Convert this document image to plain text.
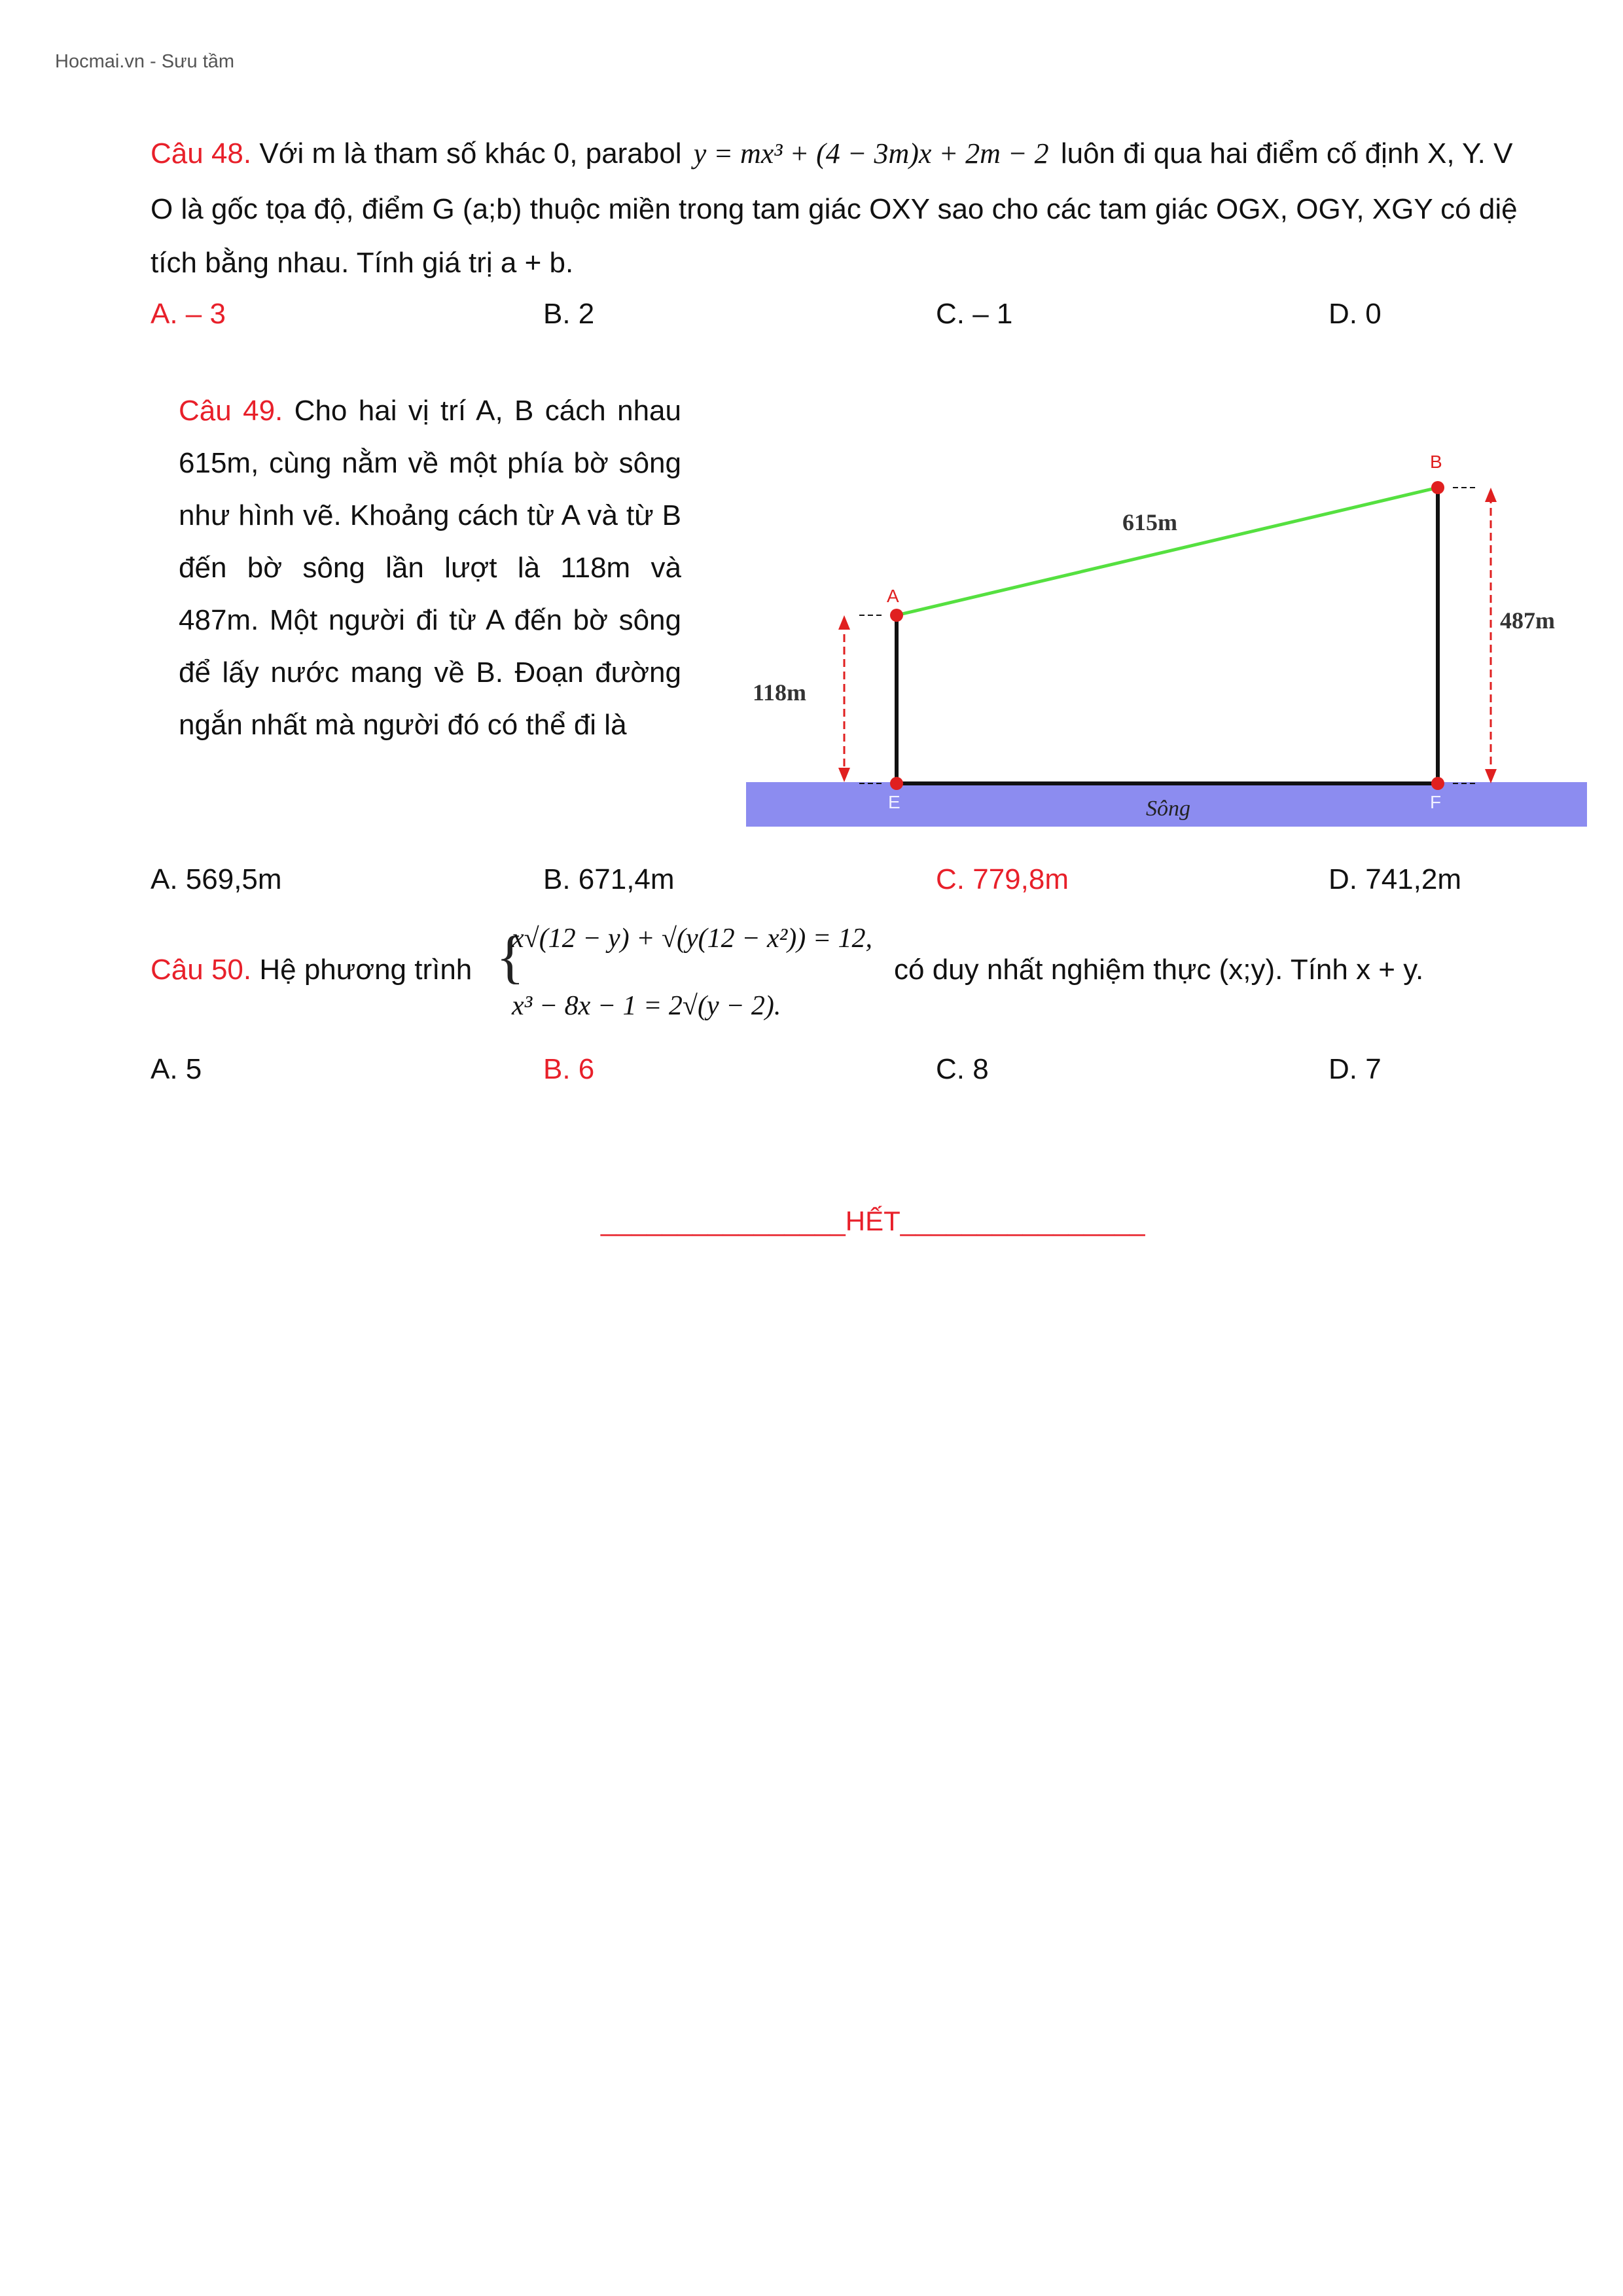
Hocmai.vn - Sưu tầm
Câu 48. Với m là tham số khác 0, parabol y = mx³ + (4 − 3m)x + 2m − 2 luôn đi qua hai điểm cố định X, Y. V
O là gốc tọa độ, điểm G (a;b) thuộc miền trong tam giác OXY sao cho các tam giác OGX, OGY, XGY có diệ
tích bằng nhau. Tính giá trị a + b.
A. – 3	B. 2	C. – 1	D. 0
Câu 49. Cho hai vị trí A, B cách nhau 615m, cùng nằm về một phía bờ sông như hình vẽ. Khoảng cách từ A và từ B đến bờ sông lần lượt là 118m và 487m. Một người đi từ A đến bờ sông để lấy nước mang về B. Đoạn đường ngắn nhất mà người đó có thể đi là
Sông
A
B
E	F
615m
118m
487m
A. 569,5m	B. 671,4m	C. 779,8m	D. 741,2m
Câu 50. Hệ phương trình {
x√(12 − y) + √(y(12 − x²)) = 12,
x³ − 8x − 1 = 2√(y − 2).
có duy nhất nghiệm thực (x;y). Tính x + y.
A. 5	B. 6	C. 8	D. 7
________________HẾT________________
